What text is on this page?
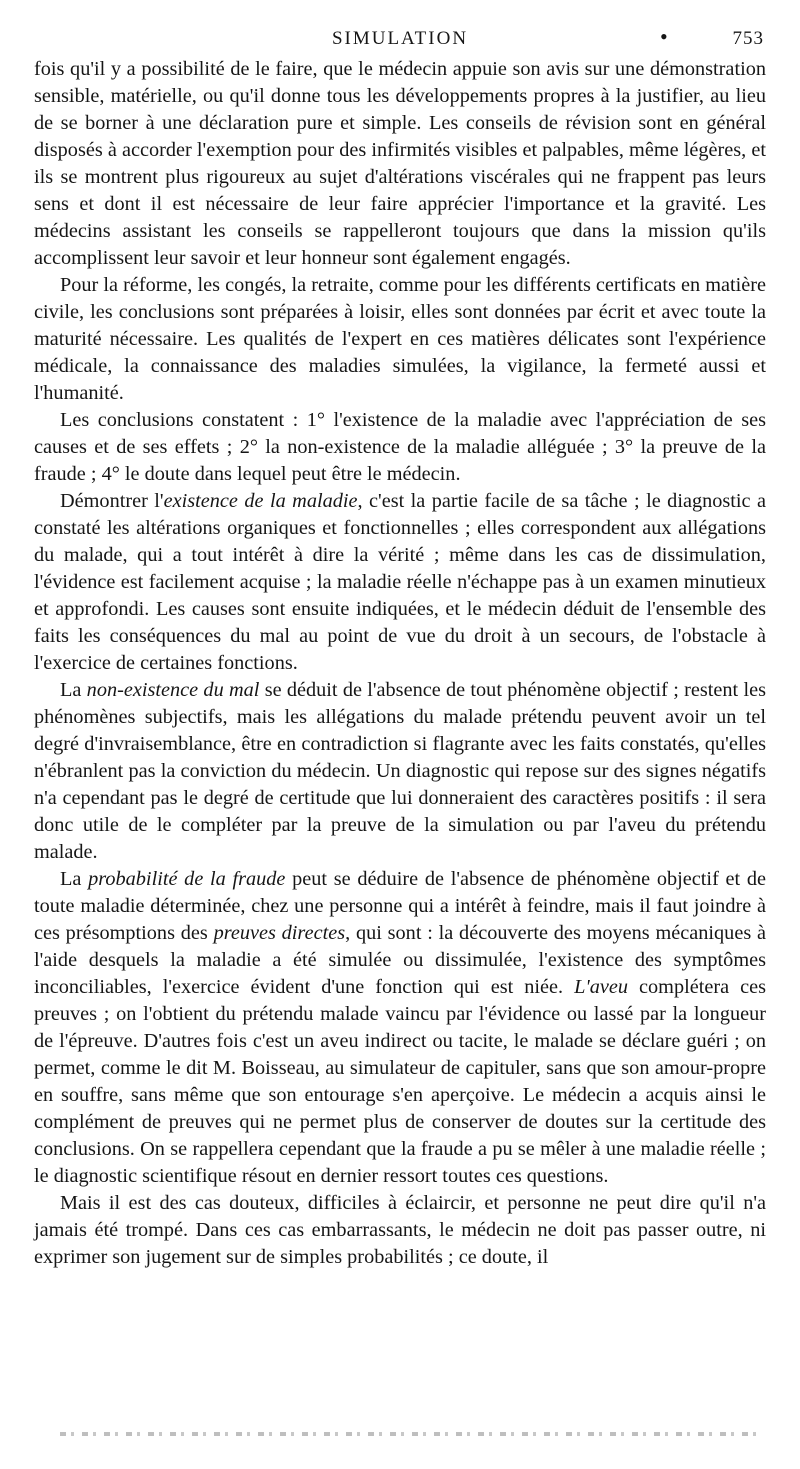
SIMULATION	•	753

fois qu'il y a possibilité de le faire, que le médecin appuie son avis sur une démonstration sensible, matérielle, ou qu'il donne tous les développements propres à la justifier, au lieu de se borner à une déclaration pure et simple. Les conseils de révision sont en général disposés à accorder l'exemption pour des infirmités visibles et palpables, même légères, et ils se montrent plus rigoureux au sujet d'altérations viscérales qui ne frappent pas leurs sens et dont il est nécessaire de leur faire apprécier l'importance et la gravité. Les médecins assistant les conseils se rappelleront toujours que dans la mission qu'ils accomplissent leur savoir et leur honneur sont également engagés.

Pour la réforme, les congés, la retraite, comme pour les différents certificats en matière civile, les conclusions sont préparées à loisir, elles sont données par écrit et avec toute la maturité nécessaire. Les qualités de l'expert en ces matières délicates sont l'expérience médicale, la connaissance des maladies simulées, la vigilance, la fermeté aussi et l'humanité.

Les conclusions constatent : 1° l'existence de la maladie avec l'appréciation de ses causes et de ses effets ; 2° la non-existence de la maladie alléguée ; 3° la preuve de la fraude ; 4° le doute dans lequel peut être le médecin.

Démontrer l'existence de la maladie, c'est la partie facile de sa tâche ; le diagnostic a constaté les altérations organiques et fonctionnelles ; elles correspondent aux allégations du malade, qui a tout intérêt à dire la vérité ; même dans les cas de dissimulation, l'évidence est facilement acquise ; la maladie réelle n'échappe pas à un examen minutieux et approfondi. Les causes sont ensuite indiquées, et le médecin déduit de l'ensemble des faits les conséquences du mal au point de vue du droit à un secours, de l'obstacle à l'exercice de certaines fonctions.

La non-existence du mal se déduit de l'absence de tout phénomène objectif ; restent les phénomènes subjectifs, mais les allégations du malade prétendu peuvent avoir un tel degré d'invraisemblance, être en contradiction si flagrante avec les faits constatés, qu'elles n'ébranlent pas la conviction du médecin. Un diagnostic qui repose sur des signes négatifs n'a cependant pas le degré de certitude que lui donneraient des caractères positifs : il sera donc utile de le compléter par la preuve de la simulation ou par l'aveu du prétendu malade.

La probabilité de la fraude peut se déduire de l'absence de phénomène objectif et de toute maladie déterminée, chez une personne qui a intérêt à feindre, mais il faut joindre à ces présomptions des preuves directes, qui sont : la découverte des moyens mécaniques à l'aide desquels la maladie a été simulée ou dissimulée, l'existence des symptômes inconciliables, l'exercice évident d'une fonction qui est niée. L'aveu complétera ces preuves ; on l'obtient du prétendu malade vaincu par l'évidence ou lassé par la longueur de l'épreuve. D'autres fois c'est un aveu indirect ou tacite, le malade se déclare guéri ; on permet, comme le dit M. Boisseau, au simulateur de capituler, sans que son amour-propre en souffre, sans même que son entourage s'en aperçoive. Le médecin a acquis ainsi le complément de preuves qui ne permet plus de conserver de doutes sur la certitude des conclusions. On se rappellera cependant que la fraude a pu se mêler à une maladie réelle ; le diagnostic scientifique résout en dernier ressort toutes ces questions.

Mais il est des cas douteux, difficiles à éclaircir, et personne ne peut dire qu'il n'a jamais été trompé. Dans ces cas embarrassants, le médecin ne doit pas passer outre, ni exprimer son jugement sur de simples probabilités ; ce doute, il
